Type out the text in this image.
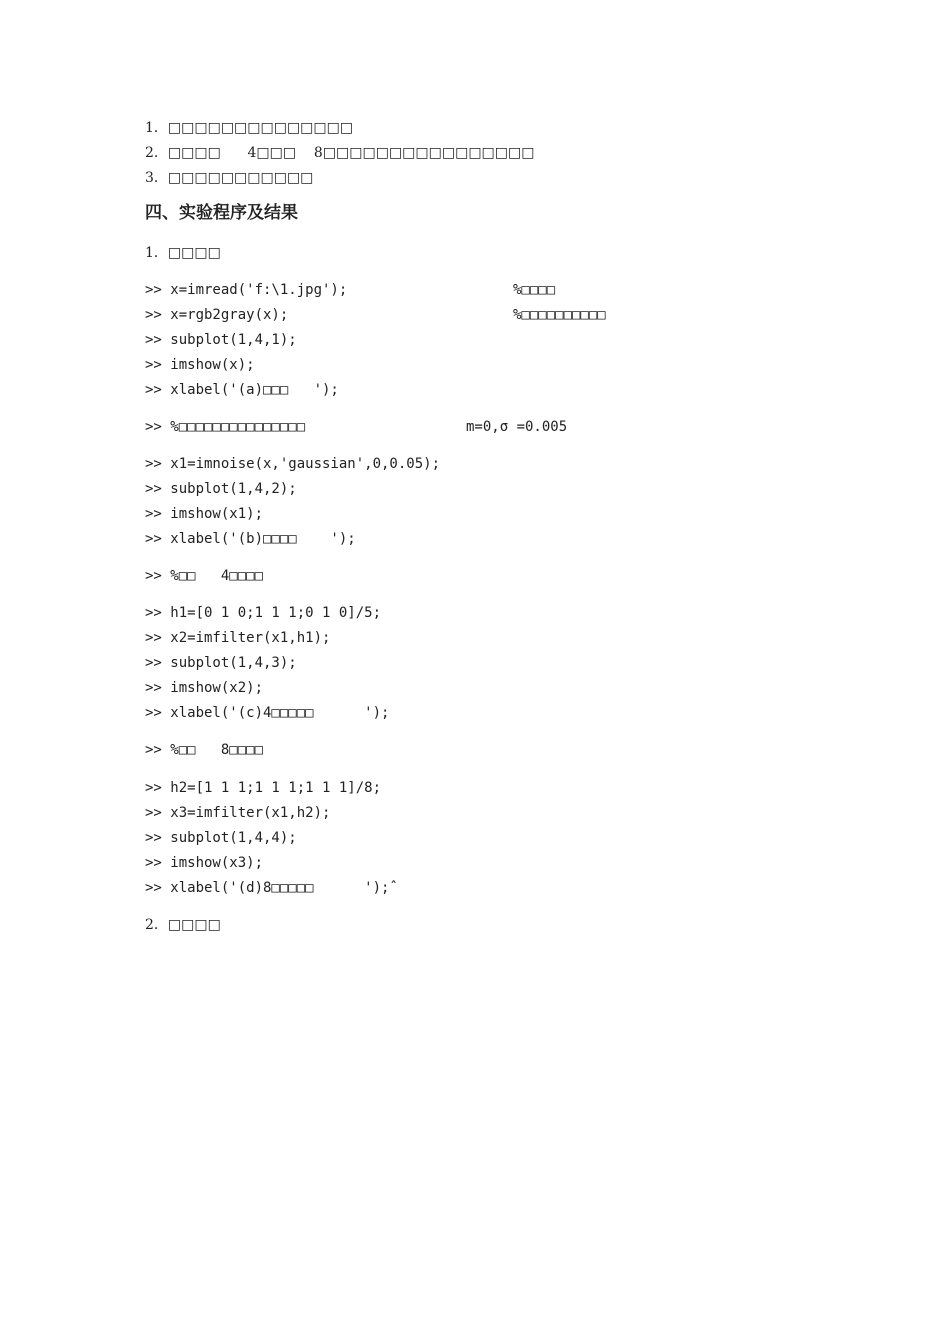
1．□□□□□□□□□□□□□□
2．□□□□      4□□□    8□□□□□□□□□□□□□□□□
3．□□□□□□□□□□□
四、实验程序及结果
1．□□□□
>> x=imread('f:\1.jpg');	%□□□□
>> x=rgb2gray(x);	%□□□□□□□□□□
>> subplot(1,4,1);
>> imshow(x);
>> xlabel('(a)□□□   ');
>> %□□□□□□□□□□□□□□□	m=0,σ =0.005
>> x1=imnoise(x,'gaussian',0,0.05);
>> subplot(1,4,2);
>> imshow(x1);
>> xlabel('(b)□□□□    ');
>> %□□   4□□□□
>> h1=[0 1 0;1 1 1;0 1 0]/5;
>> x2=imfilter(x1,h1);
>> subplot(1,4,3);
>> imshow(x2);
>> xlabel('(c)4□□□□□      ');
>> %□□   8□□□□
>> h2=[1 1 1;1 1 1;1 1 1]/8;
>> x3=imfilter(x1,h2);
>> subplot(1,4,4);
>> imshow(x3);
>> xlabel('(d)8□□□□□      ');ˆ
2．□□□□
